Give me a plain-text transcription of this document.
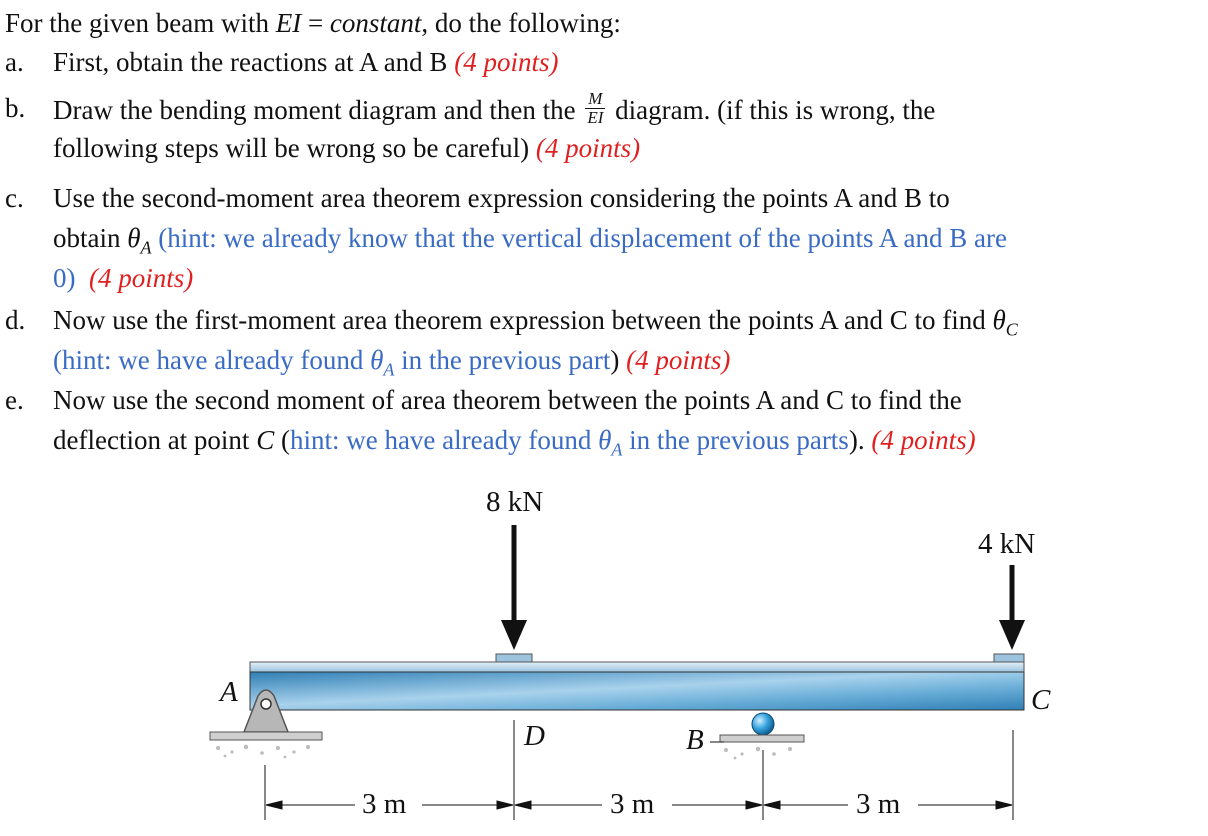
For the given beam with EI = constant, do the following:
a.	First, obtain the reactions at A and B (4 points)
b.	Draw the bending moment diagram and then the $\frac{M}{EI}$ diagram. (if this is wrong, the
following steps will be wrong so be careful) (4 points)
c.	Use the second-moment area theorem expression considering the points A and B to
obtain $\theta_A$ (hint: we already know that the vertical displacement of the points A and B are
0) (4 points)
d.	Now use the first-moment area theorem expression between the points A and C to find $\theta_C$
(hint: we have already found $\theta_A$ in the previous part) (4 points)
e.	Now use the second moment of area theorem between the points A and C to find the
deflection at point C (hint: we have already found $\theta_A$ in the previous parts). (4 points)
8 kN
4 kN
A	C
D	B
3 m	3 m	3 m
